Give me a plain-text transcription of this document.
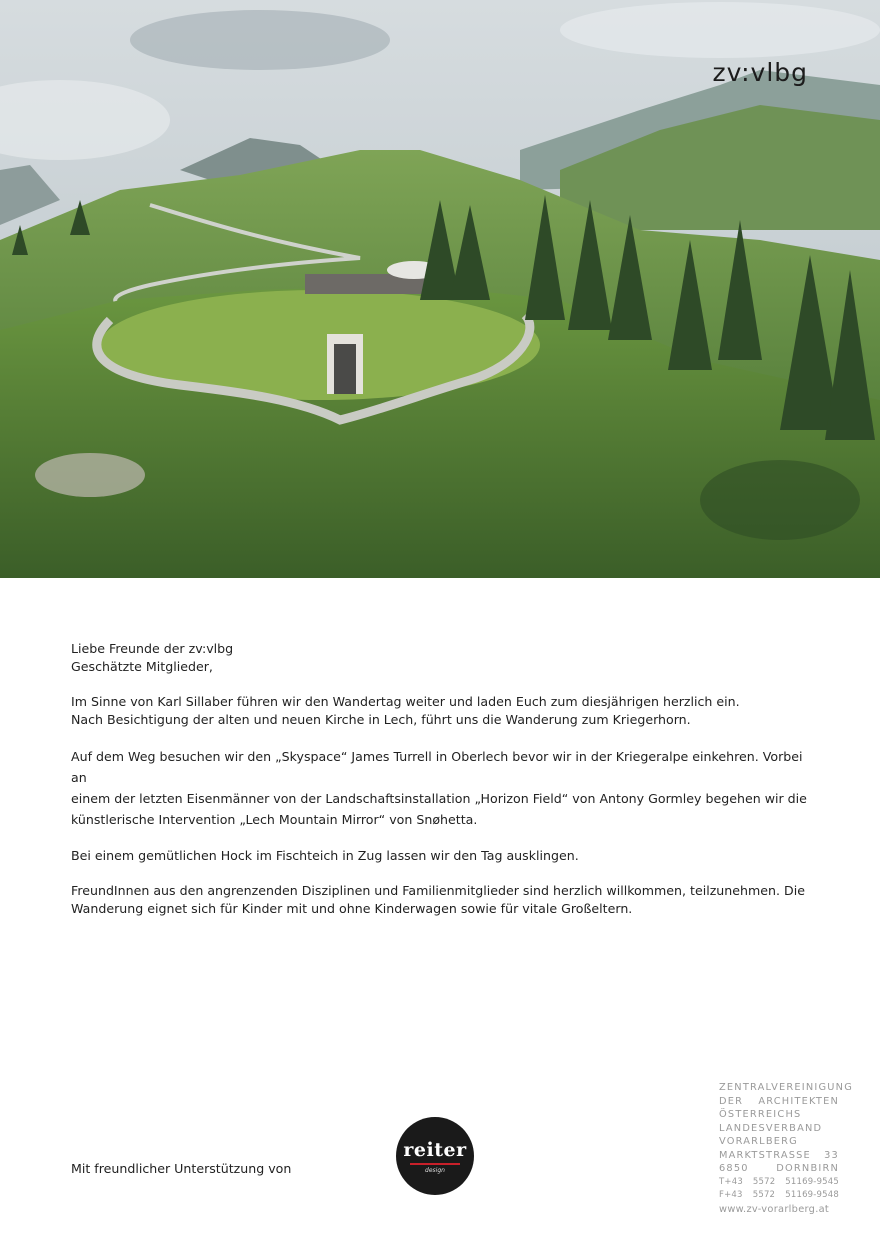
zv:vlbg

Liebe Freunde der zv:vlbg
Geschätzte Mitglieder,

Im Sinne von Karl Sillaber führen wir den Wandertag weiter und laden Euch zum diesjährigen herzlich ein.
Nach Besichtigung der alten und neuen Kirche in Lech, führt uns die Wanderung zum Kriegerhorn.

Auf dem Weg besuchen wir den „Skyspace“ James Turrell in Oberlech bevor wir in der Kriegeralpe einkehren. Vorbei an
einem der letzten Eisenmänner von der Landschaftsinstallation „Horizon Field“ von Antony Gormley begehen wir die
künstlerische Intervention „Lech Mountain Mirror“ von Snøhetta.

Bei einem gemütlichen Hock im Fischteich in Zug lassen wir den Tag ausklingen.

FreundInnen aus den angrenzenden Disziplinen und Familienmitglieder sind herzlich willkommen, teilzunehmen. Die
Wanderung eignet sich für Kinder mit und ohne Kinderwagen sowie für vitale Großeltern.

Mit freundlicher Unterstützung von
reiter
design
ZENTRALVEREINIGUNG
DER ARCHITEKTEN
ÖSTERREICHS
LANDESVERBAND
VORARLBERG
MARKTSTRASSE 33
6850 DORNBIRN
T+43 5572 51169-9545
F+43 5572 51169-9548
www.zv-vorarlberg.at
